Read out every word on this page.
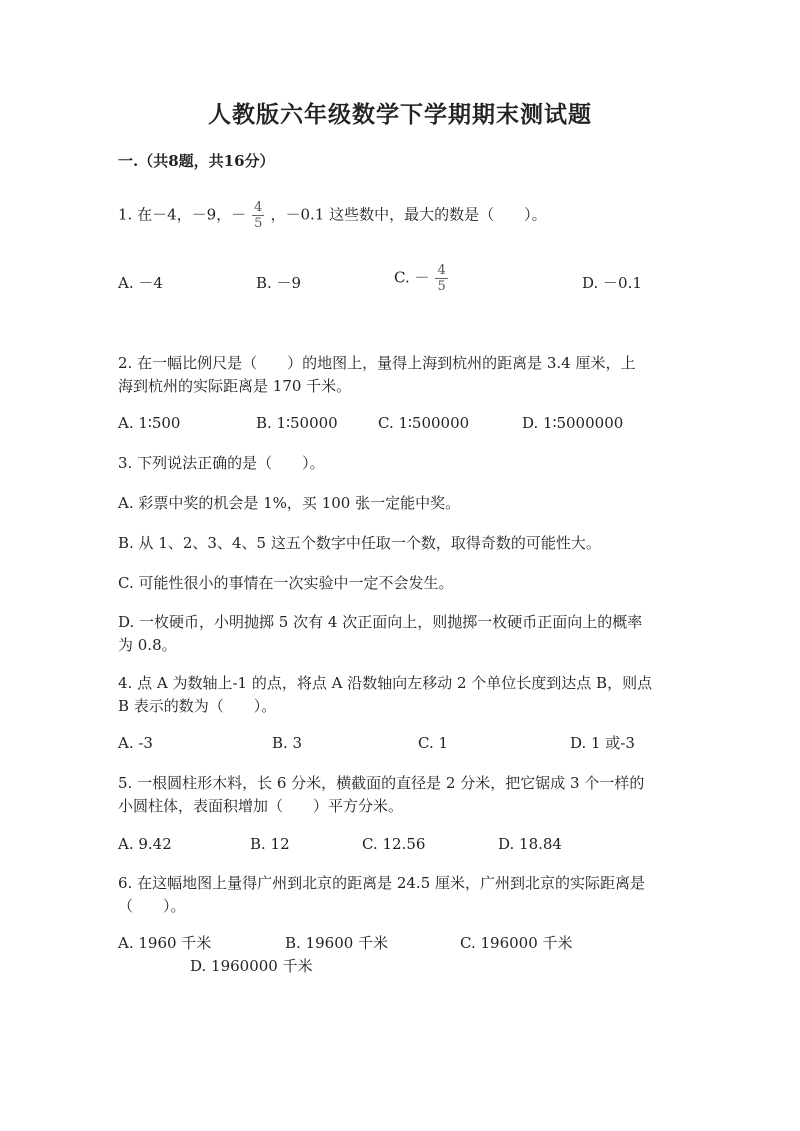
人教版六年级数学下学期期末测试题
一.（共8题，共16分）
1. 在－4，－9，－ $\frac{4}{5}$ ，－0.1 这些数中，最大的数是（　　）。
A. －4	B. －9	C. － $\frac{4}{5}$	D. －0.1
2. 在一幅比例尺是（　　）的地图上，量得上海到杭州的距离是 3.4 厘米，上
海到杭州的实际距离是 170 千米。
A. 1∶500	B. 1∶50000	C. 1∶500000	D. 1∶5000000
3. 下列说法正确的是（　　）。
A. 彩票中奖的机会是 1%，买 100 张一定能中奖。
B. 从 1、2、3、4、5 这五个数字中任取一个数，取得奇数的可能性大。
C. 可能性很小的事情在一次实验中一定不会发生。
D. 一枚硬币，小明抛掷 5 次有 4 次正面向上，则抛掷一枚硬币正面向上的概率
为 0.8。
4. 点 A 为数轴上-1 的点，将点 A 沿数轴向左移动 2 个单位长度到达点 B，则点
B 表示的数为（　　）。
A. -3	B. 3	C. 1	D. 1 或-3
5. 一根圆柱形木料，长 6 分米，横截面的直径是 2 分米，把它锯成 3 个一样的
小圆柱体，表面积增加（　　）平方分米。
A. 9.42	B. 12	C. 12.56	D. 18.84
6. 在这幅地图上量得广州到北京的距离是 24.5 厘米，广州到北京的实际距离是
（　　）。
A. 1960 千米	B. 19600 千米	C. 196000 千米
D. 1960000 千米
